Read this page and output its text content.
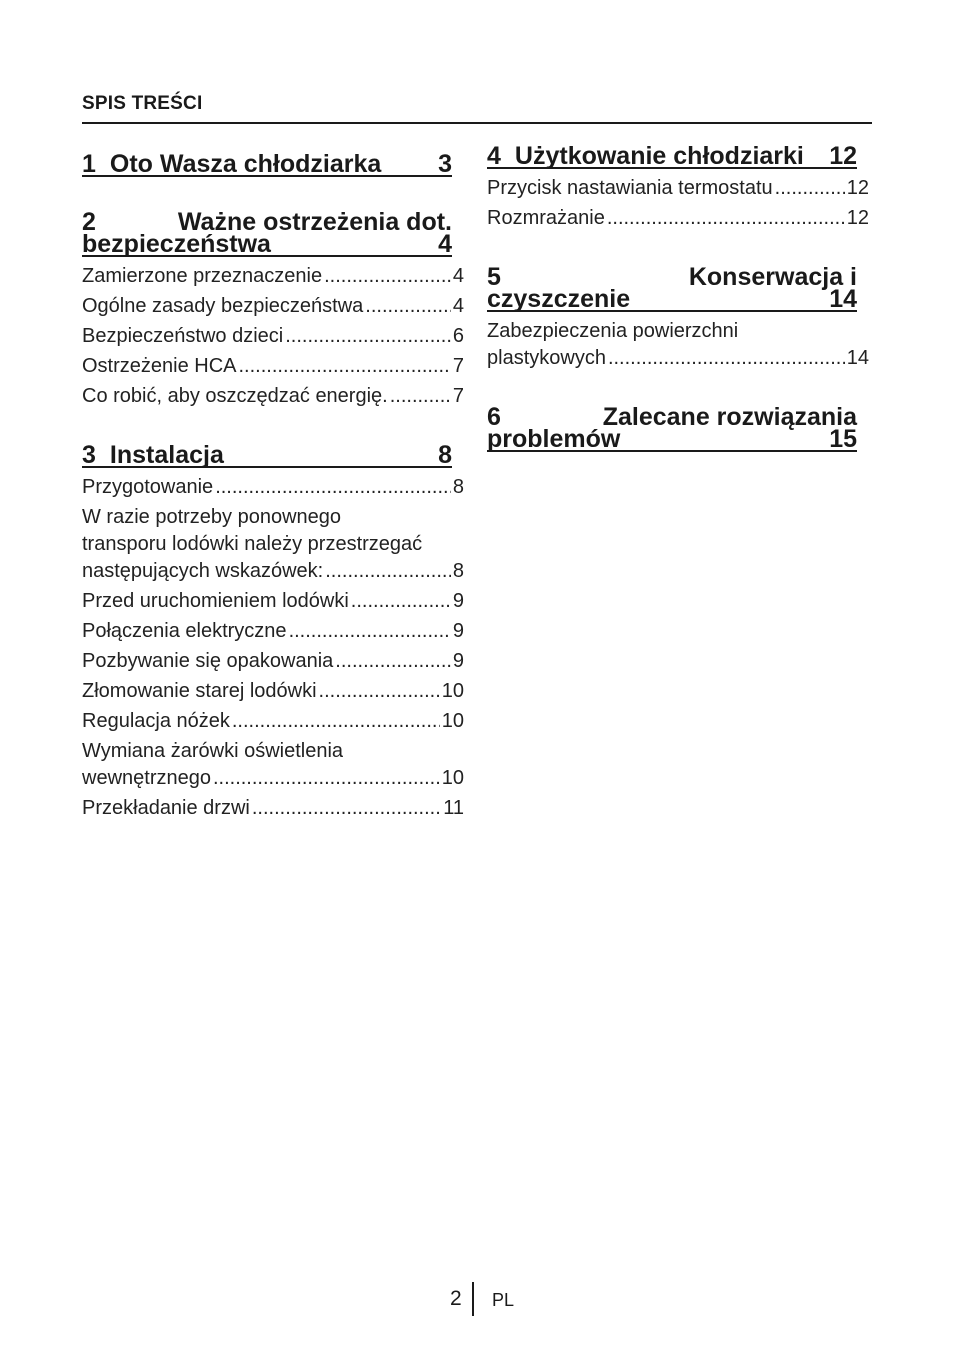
SPIS TREŚCI
1 Oto Wasza chłodziarka 3
2	Ważne ostrzeżenia dot.
bezpieczeństwa	4
Zamierzone przeznaczenie .....	4
Ogólne zasady bezpieczeństwa .....	4
Bezpieczeństwo dzieci .....	6
Ostrzeżenie HCA .....	7
Co robić, aby oszczędzać energię. .....	7
3 Instalacja	8
Przygotowanie .....	8
W razie potrzeby ponownego
transporu lodówki należy przestrzegać
następujących wskazówek: .....	8
Przed uruchomieniem lodówki .....	9
Połączenia elektryczne .....	9
Pozbywanie się opakowania .....	9
Złomowanie starej lodówki .....	10
Regulacja nóżek .....	10
Wymiana żarówki oświetlenia
wewnętrznego .....	10
Przekładanie drzwi .....	11
4 Użytkowanie chłodziarki 12
Przycisk nastawiania termostatu .....	12
Rozmrażanie .....	12
5	Konserwacja i
czyszczenie	14
Zabezpieczenia powierzchni
plastykowych .....	14
6	Zalecane rozwiązania
problemów	15
2 PL
